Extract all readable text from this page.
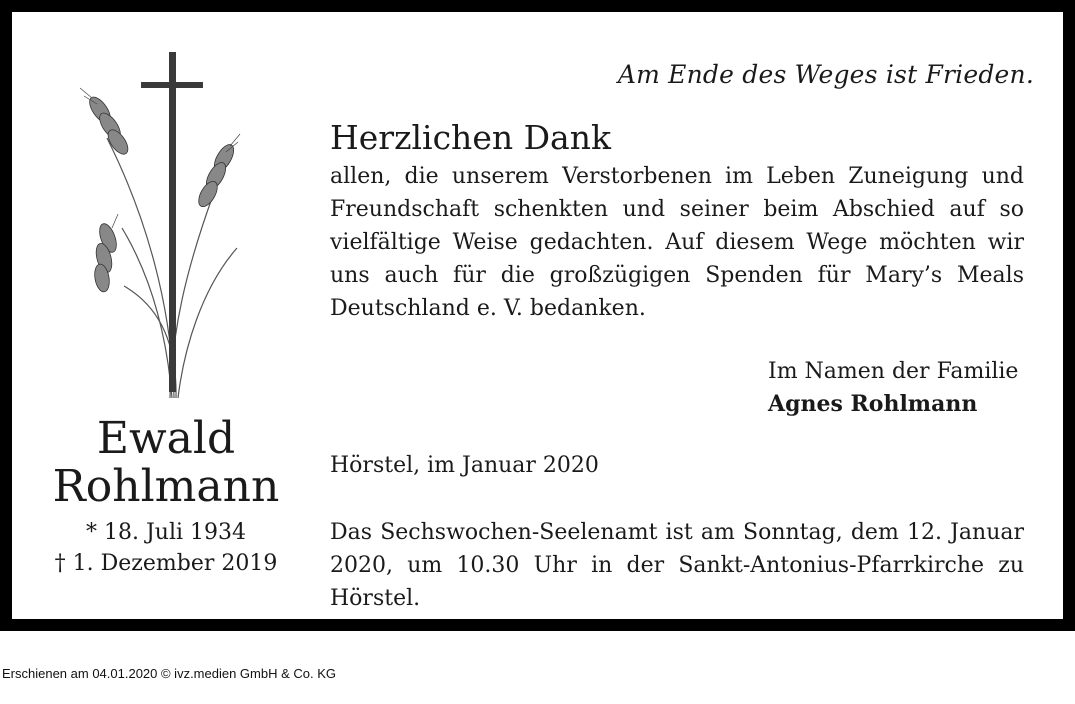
Am Ende des Weges ist Frieden.
Herzlichen Dank

allen, die unserem Verstorbenen im Leben Zuneigung und Freundschaft schenkten und seiner beim Abschied auf so vielfältige Weise gedachten. Auf diesem Wege möchten wir uns auch für die großzügigen Spenden für Mary’s Meals Deutschland e. V. bedanken.

Im Namen der Familie
Agnes Rohlmann
Hörstel, im Januar 2020

Das Sechswochen-Seelenamt ist am Sonntag, dem 12. Januar 2020, um 10.30 Uhr in der Sankt-Antonius-Pfarrkirche zu Hörstel.

Ewald
Rohlmann
* 18. Juli 1934
† 1. Dezember 2019
Erschienen am 04.01.2020 © ivz.medien GmbH & Co. KG
